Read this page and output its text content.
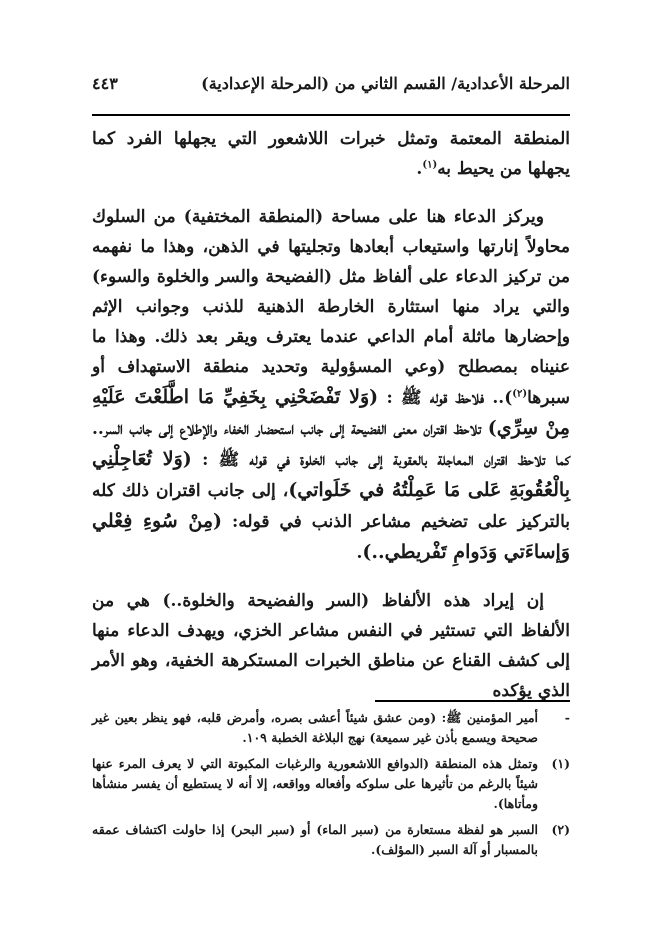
المرحلة الأعدادية/ القسم الثاني من (المرحلة الإعدادية)
٤٤٣

المنطقة المعتمة وتمثل خبرات اللاشعور التي يجهلها الفرد كما يجهلها من يحيط به$^{(١)}$.

ويركز الدعاء هنا على مساحة (المنطقة المختفية) من السلوك محاولاً إنارتها واستيعاب أبعادها وتجليتها في الذهن، وهذا ما نفهمه من تركيز الدعاء على ألفاظ مثل (الفضيحة والسر والخلوة والسوء) والتي يراد منها استثارة الخارطة الذهنية للذنب وجوانب الإثم وإحضارها ماثلة أمام الداعي عندما يعترف ويقر بعد ذلك. وهذا ما عنيناه بمصطلح (وعي المسؤولية وتحديد منطقة الاستهداف أو سبرها$^{(٢)}$).. فلاحظ قوله ﷺ : (وَلا تَفْضَحْنِي بِخَفِيِّ مَا اطَّلَعْتَ عَلَيْهِ مِنْ سِرِّي) تلاحظ اقتران معنى الفضيحة إلى جانب استحضار الخفاء والإطلاع إلى جانب السر.. كما تلاحظ اقتران المعاجلة بالعقوبة إلى جانب الخلوة في قوله ﷺ : (وَلا تُعَاجِلْنِي بِالْعُقُوبَةِ عَلى مَا عَمِلْتُهُ في خَلَواتي)، إلى جانب اقتران ذلك كله بالتركيز على تضخيم مشاعر الذنب في قوله: (مِنْ سُوءِ فِعْلي وَإساءَتي وَدَوامِ تَفْريطي..).

إن إيراد هذه الألفاظ (السر والفضيحة والخلوة..) هي من الألفاظ التي تستثير في النفس مشاعر الخزي، ويهدف الدعاء منها إلى كشف القناع عن مناطق الخبرات المستكرهة الخفية، وهو الأمر الذي يؤكده

-
أمير المؤمنين ﷺ: (ومن عشق شيئاً أعشى بصره، وأمرض قلبه، فهو ينظر بعين غير صحيحة ويسمع بأذن غير سميعة) نهج البلاغة الخطبة ١٠٩.
(١)
وتمثل هذه المنطقة (الدوافع اللاشعورية والرغبات المكبوتة التي لا يعرف المرء عنها شيئاً بالرغم من تأثيرها على سلوكه وأفعاله وواقعه، إلا أنه لا يستطيع أن يفسر منشأها ومأتاها).
(٢)
السبر هو لفظة مستعارة من (سبر الماء) أو (سبر البحر) إذا حاولت اكتشاف عمقه بالمسبار أو آلة السبر (المؤلف).
